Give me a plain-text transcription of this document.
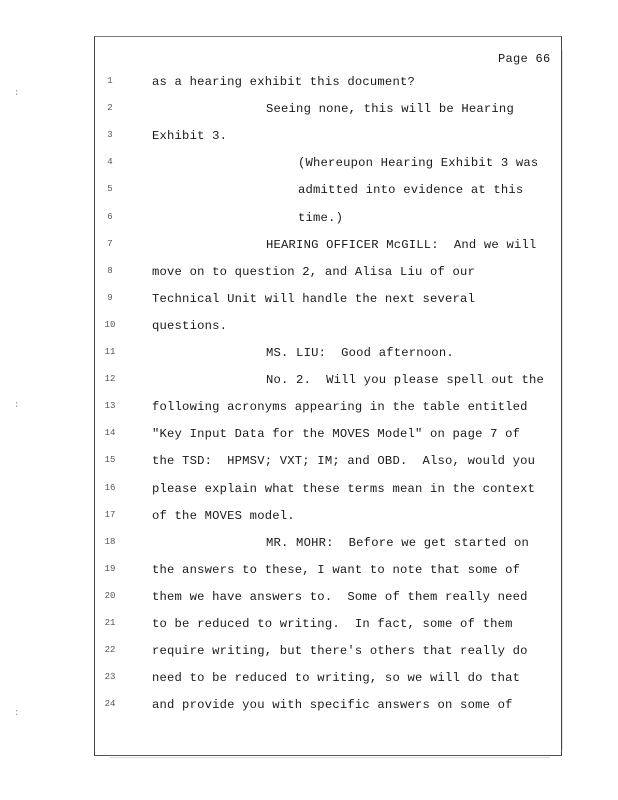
Page 66
1	as a hearing exhibit this document?
2	Seeing none, this will be Hearing
3	Exhibit 3.
4	(Whereupon Hearing Exhibit 3 was
5	admitted into evidence at this
6	time.)
7	HEARING OFFICER McGILL:  And we will
8	move on to question 2, and Alisa Liu of our
9	Technical Unit will handle the next several
10	questions.
11	MS. LIU:  Good afternoon.
12	No. 2.  Will you please spell out the
13	following acronyms appearing in the table entitled
14	"Key Input Data for the MOVES Model" on page 7 of
15	the TSD:  HPMSV; VXT; IM; and OBD.  Also, would you
16	please explain what these terms mean in the context
17	of the MOVES model.
18	MR. MOHR:  Before we get started on
19	the answers to these, I want to note that some of
20	them we have answers to.  Some of them really need
21	to be reduced to writing.  In fact, some of them
22	require writing, but there's others that really do
23	need to be reduced to writing, so we will do that
24	and provide you with specific answers on some of
:
:
:
